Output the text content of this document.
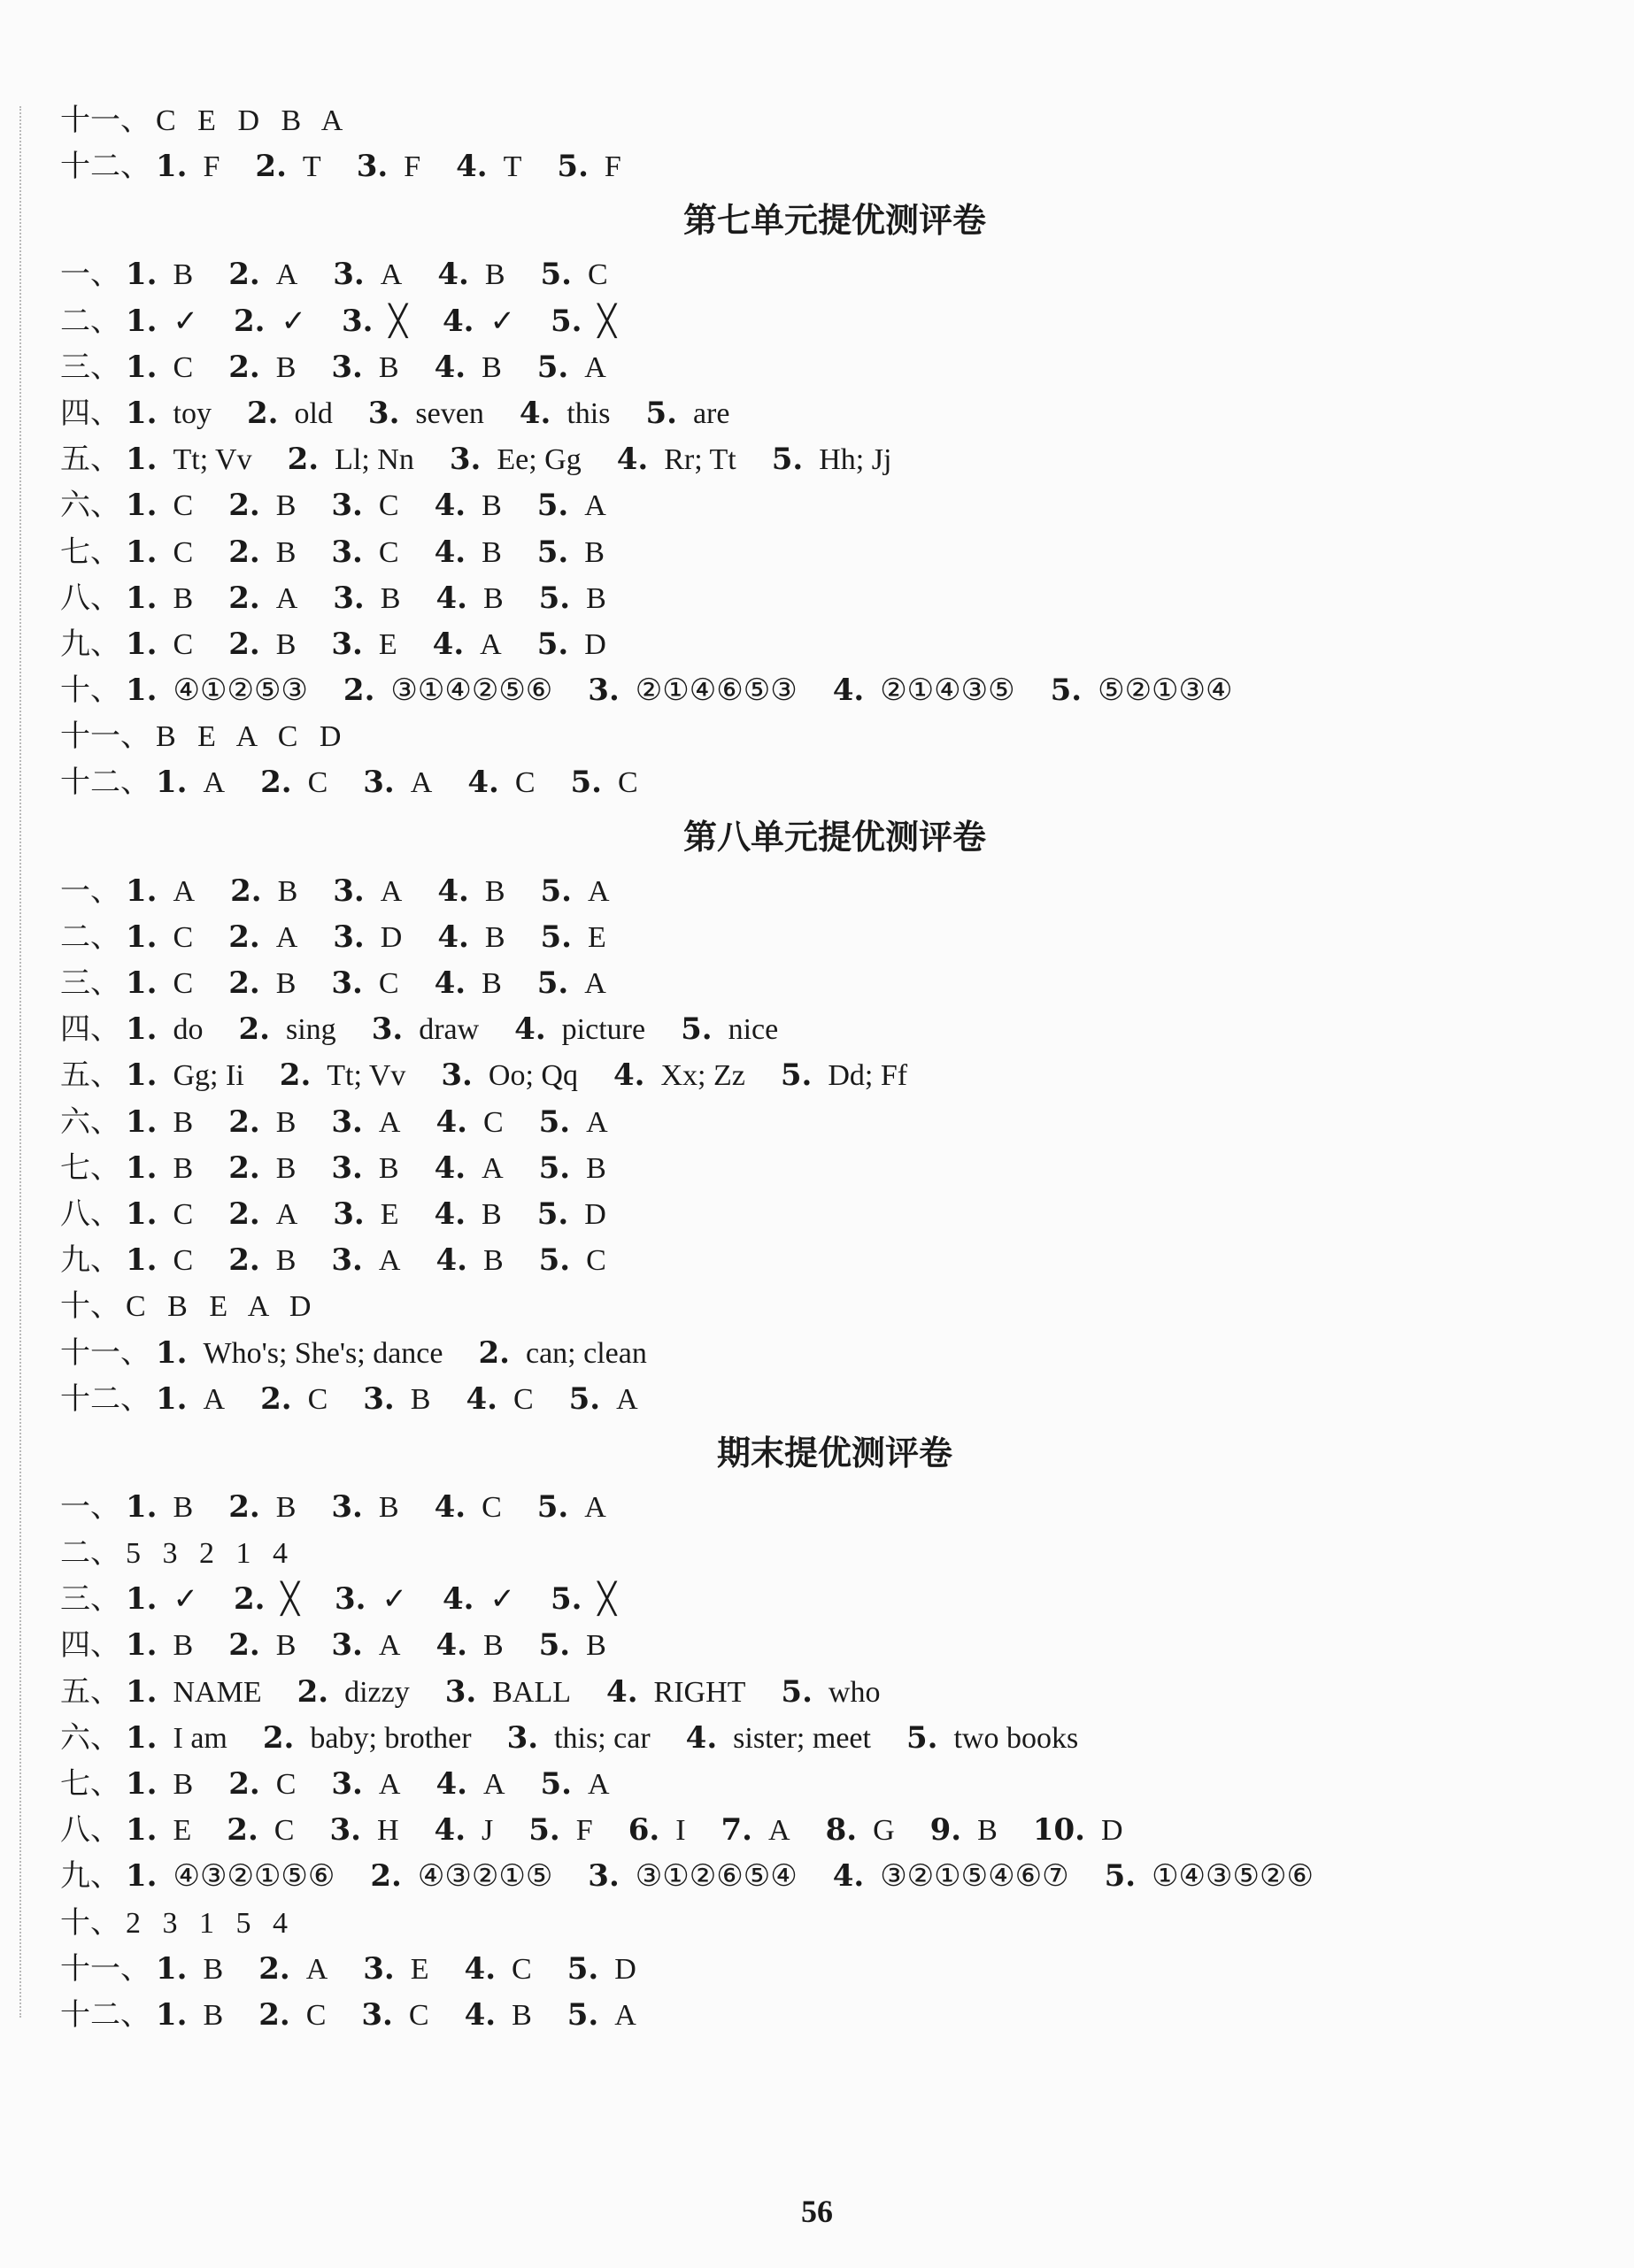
十一、 C E D B A
十二、 1. F 2. T 3. F 4. T 5. F
第七单元提优测评卷
一、 1. B 2. A 3. A 4. B 5. C
二、 1. ✓ 2. ✓ 3. ╳ 4. ✓ 5. ╳
三、 1. C 2. B 3. B 4. B 5. A
四、 1. toy 2. old 3. seven 4. this 5. are
五、 1. Tt; Vv 2. Ll; Nn 3. Ee; Gg 4. Rr; Tt 5. Hh; Jj
六、 1. C 2. B 3. C 4. B 5. A
七、 1. C 2. B 3. C 4. B 5. B
八、 1. B 2. A 3. B 4. B 5. B
九、 1. C 2. B 3. E 4. A 5. D
十、 1. ④①②⑤③ 2. ③①④②⑤⑥ 3. ②①④⑥⑤③ 4. ②①④③⑤ 5. ⑤②①③④
十一、 B E A C D
十二、 1. A 2. C 3. A 4. C 5. C
第八单元提优测评卷
一、 1. A 2. B 3. A 4. B 5. A
二、 1. C 2. A 3. D 4. B 5. E
三、 1. C 2. B 3. C 4. B 5. A
四、 1. do 2. sing 3. draw 4. picture 5. nice
五、 1. Gg; Ii 2. Tt; Vv 3. Oo; Qq 4. Xx; Zz 5. Dd; Ff
六、 1. B 2. B 3. A 4. C 5. A
七、 1. B 2. B 3. B 4. A 5. B
八、 1. C 2. A 3. E 4. B 5. D
九、 1. C 2. B 3. A 4. B 5. C
十、 C B E A D
十一、 1. Who's; She's; dance 2. can; clean
十二、 1. A 2. C 3. B 4. C 5. A
期末提优测评卷
一、 1. B 2. B 3. B 4. C 5. A
二、 5 3 2 1 4
三、 1. ✓ 2. ╳ 3. ✓ 4. ✓ 5. ╳
四、 1. B 2. B 3. A 4. B 5. B
五、 1. NAME 2. dizzy 3. BALL 4. RIGHT 5. who
六、 1. I am 2. baby; brother 3. this; car 4. sister; meet 5. two books
七、 1. B 2. C 3. A 4. A 5. A
八、 1. E 2. C 3. H 4. J 5. F 6. I 7. A 8. G 9. B 10. D
九、 1. ④③②①⑤⑥ 2. ④③②①⑤ 3. ③①②⑥⑤④ 4. ③②①⑤④⑥⑦ 5. ①④③⑤②⑥
十、 2 3 1 5 4
十一、 1. B 2. A 3. E 4. C 5. D
十二、 1. B 2. C 3. C 4. B 5. A
56
